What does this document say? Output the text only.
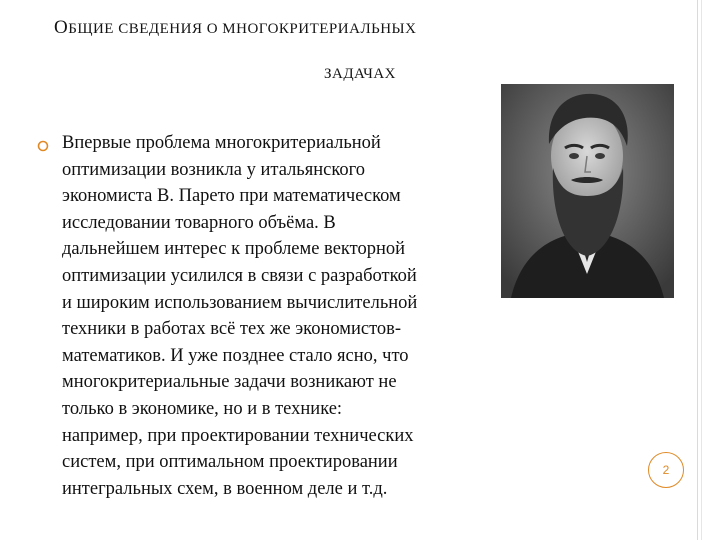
ОБЩИЕ СВЕДЕНИЯ О МНОГОКРИТЕРИАЛЬНЫХ
ЗАДАЧАХ
Впервые проблема многокритериальной
оптимизации возникла у итальянского
экономиста В. Парето при математическом
исследовании товарного объёма. В
дальнейшем интерес к проблеме векторной
оптимизации усилился в связи с разработкой
и широким использованием вычислительной
техники в работах всё тех же экономистов-
математиков. И уже позднее стало ясно, что
многокритериальные задачи возникают не
только в экономике, но и в технике:
например, при проектировании технических
систем, при оптимальном проектировании
интегральных схем, в военном деле и т.д.
2
